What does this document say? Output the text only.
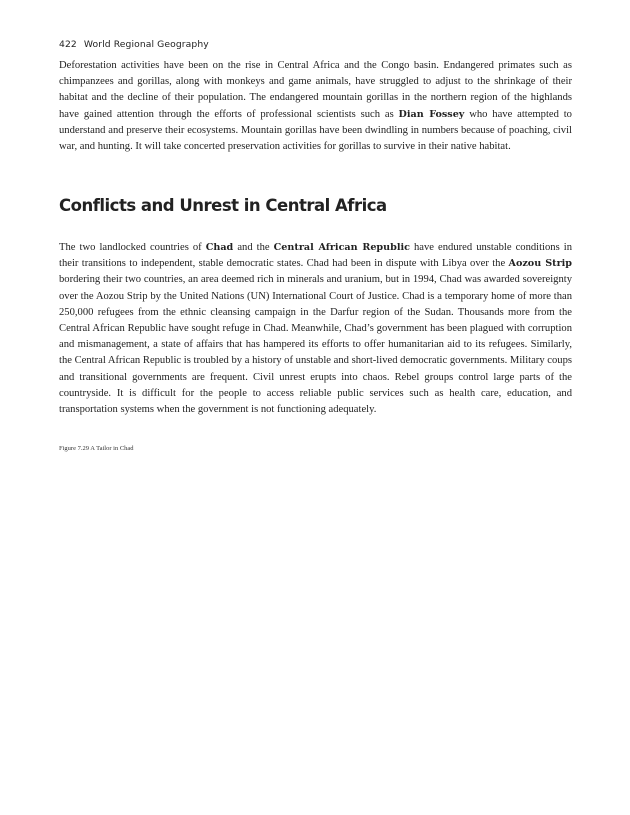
422 World Regional Geography

Deforestation activities have been on the rise in Central Africa and the Congo basin. Endangered primates such as chimpanzees and gorillas, along with monkeys and game animals, have struggled to adjust to the shrinkage of their habitat and the decline of their population. The endangered mountain gorillas in the northern region of the highlands have gained attention through the efforts of professional scientists such as Dian Fossey who have attempted to understand and preserve their ecosystems. Mountain gorillas have been dwindling in numbers because of poaching, civil war, and hunting. It will take concerted preservation activities for gorillas to survive in their native habitat.

Conflicts and Unrest in Central Africa

The two landlocked countries of Chad and the Central African Republic have endured unstable conditions in their transitions to independent, stable democratic states. Chad had been in dispute with Libya over the Aozou Strip bordering their two countries, an area deemed rich in minerals and uranium, but in 1994, Chad was awarded sovereignty over the Aozou Strip by the United Nations (UN) International Court of Justice. Chad is a temporary home of more than 250,000 refugees from the ethnic cleansing campaign in the Darfur region of the Sudan. Thousands more from the Central African Republic have sought refuge in Chad. Meanwhile, Chad’s government has been plagued with corruption and mismanagement, a state of affairs that has hampered its efforts to offer humanitarian aid to its refugees. Similarly, the Central African Republic is troubled by a history of unstable and short-lived democratic governments. Military coups and transitional governments are frequent. Civil unrest erupts into chaos. Rebel groups control large parts of the countryside. It is difficult for the people to access reliable public services such as health care, education, and transportation systems when the government is not functioning adequately.

Figure 7.29 A Tailor in Chad
